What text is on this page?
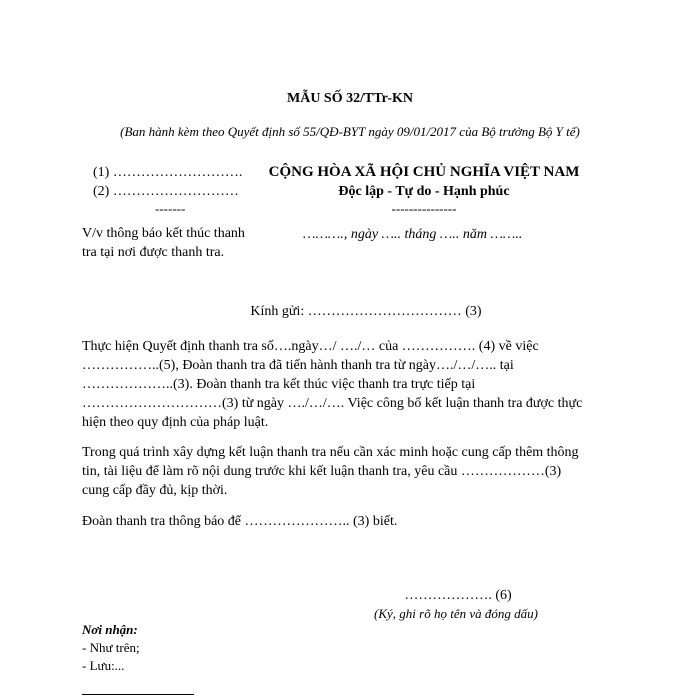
MẪU SỐ 32/TTr-KN
(Ban hành kèm theo Quyết định số 55/QĐ-BYT ngày 09/01/2017 của Bộ trưởng Bộ Y tế)
(1) ……………………….
(2) ………………………
-------
CỘNG HÒA XÃ HỘI CHỦ NGHĨA VIỆT NAM
Độc lập - Tự do - Hạnh phúc
---------------
V/v thông báo kết thúc thanh
tra tại nơi được thanh tra.
………., ngày ….. tháng ….. năm ……..
Kính gửi: …………………………… (3)
Thực hiện Quyết định thanh tra số….ngày…/ …./… của ……………. (4) về việc
……………..(5), Đoàn thanh tra đã tiến hành thanh tra từ ngày…./…/….. tại
………………..(3). Đoàn thanh tra kết thúc việc thanh tra trực tiếp tại
…………………………(3) từ ngày …./…/…. Việc công bố kết luận thanh tra được thực
hiện theo quy định của pháp luật.
Trong quá trình xây dựng kết luận thanh tra nếu cần xác minh hoặc cung cấp thêm thông
tin, tài liệu để làm rõ nội dung trước khi kết luận thanh tra, yêu cầu ………………(3)
cung cấp đầy đủ, kịp thời.
Đoàn thanh tra thông báo để ………………….. (3) biết.
………………. (6)
(Ký, ghi rõ họ tên và đóng dấu)
Nơi nhận:
- Như trên;
- Lưu:...
